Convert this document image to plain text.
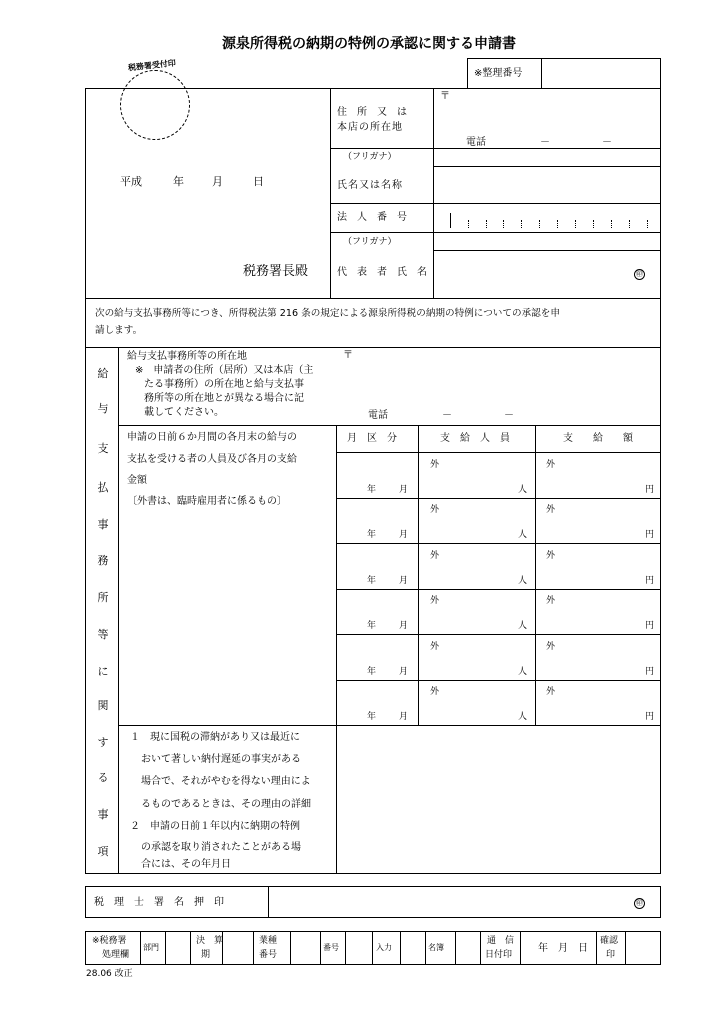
源泉所得税の納期の特例の承認に関する申請書
税務署受付印
※整理番号
住　所　又　は
本店の所在地
〒
電話	－	－
（フリガナ）
氏名又は名称
法　人　番　号
（フリガナ）
代　表　者　氏　名	㊞
平成	年	月	日
税務署長殿
次の給与支払事務所等につき、所得税法第 216 条の規定による源泉所得税の納期の特例についての承認を申
請します。
給
与
支
払
事
務
所
等
に
関
す
る
事
項
給与支払事務所等の所在地
※　申請者の住所（居所）又は本店（主
たる事務所）の所在地と給与支払事
務所等の所在地とが異なる場合に記
載してください。
〒
電話	－	－
申請の日前６か月間の各月末の給与の
支払を受ける者の人員及び各月の支給
金額
〔外書は、臨時雇用者に係るもの〕
月　区　分	支　給　人　員	支　　給　　額
外	外
年	月	人	円
外	外
年	月	人	円
外	外
年	月	人	円
外	外
年	月	人	円
外	外
年	月	人	円
外	外
年	月	人	円
１　現に国税の滞納があり又は最近に
おいて著しい納付遅延の事実がある
場合で、それがやむを得ない理由によ
るものであるときは、その理由の詳細
２　申請の日前１年以内に納期の特例
の承認を取り消されたことがある場
合には、その年月日
税　理　士　署　名　押　印	㊞
※税務署
処理欄
部門
決　算
期
業種
番号
番号	入力	名簿
通　信
日付印
年　月　日
確認
印
28.06 改正
